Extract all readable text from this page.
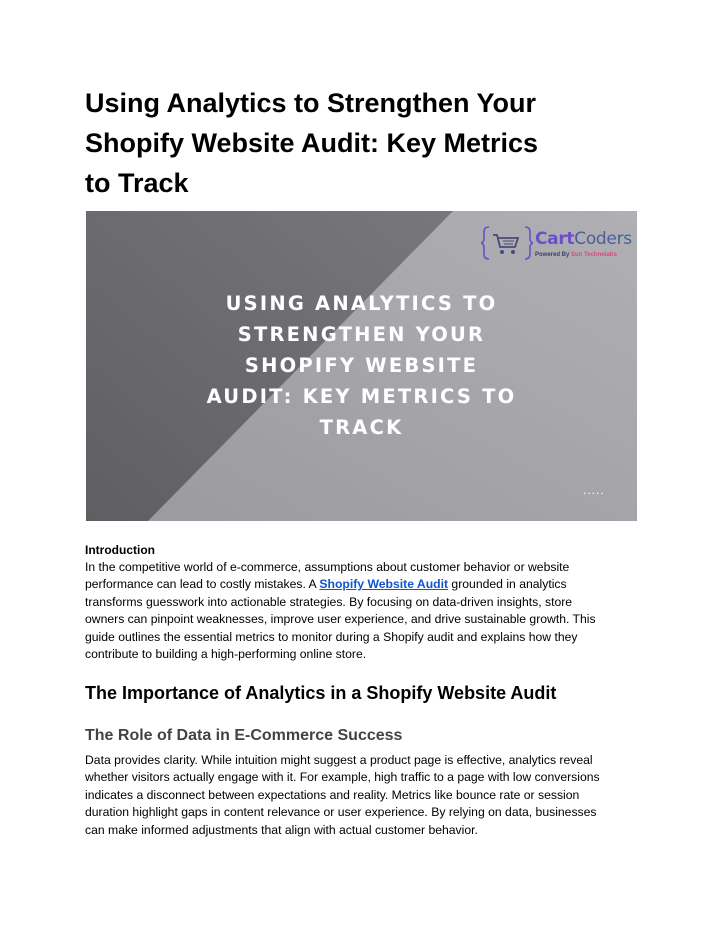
Using Analytics to Strengthen Your
Shopify Website Audit: Key Metrics
to Track
CartCoders
Powered By Sun Technolabs
USING ANALYTICS TO
STRENGTHEN YOUR
SHOPIFY WEBSITE
AUDIT: KEY METRICS TO
TRACK
.....
Introduction

In the competitive world of e-commerce, assumptions about customer behavior or website
performance can lead to costly mistakes. A Shopify Website Audit grounded in analytics
transforms guesswork into actionable strategies. By focusing on data-driven insights, store
owners can pinpoint weaknesses, improve user experience, and drive sustainable growth. This
guide outlines the essential metrics to monitor during a Shopify audit and explains how they
contribute to building a high-performing online store.

The Importance of Analytics in a Shopify Website Audit
The Role of Data in E-Commerce Success

Data provides clarity. While intuition might suggest a product page is effective, analytics reveal
whether visitors actually engage with it. For example, high traffic to a page with low conversions
indicates a disconnect between expectations and reality. Metrics like bounce rate or session
duration highlight gaps in content relevance or user experience. By relying on data, businesses
can make informed adjustments that align with actual customer behavior.
